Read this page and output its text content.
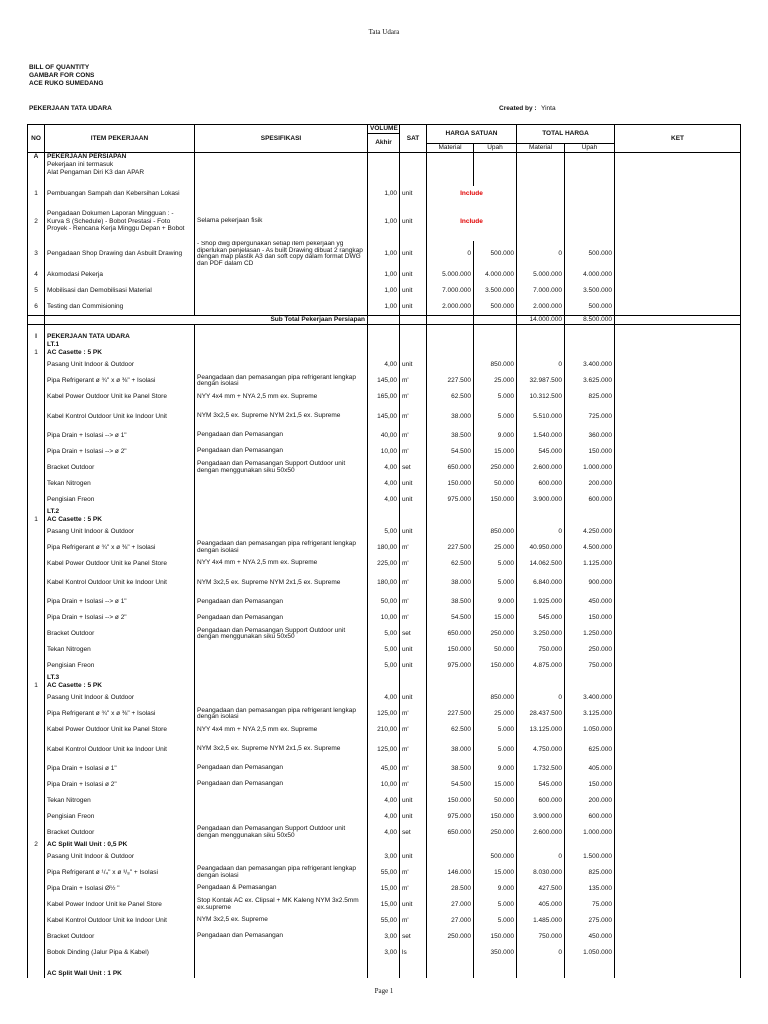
Tata Udara
BILL OF QUANTITY
GAMBAR FOR CONS
ACE RUKO SUMEDANG
PEKERJAAN TATA UDARA	Created by : Yinta
NO	ITEM PEKERJAAN	SPESIFIKASI	VOLUME	SAT	HARGA SATUAN		TOTAL HARGA		KET
			Akhir						
					Material	Upah	Material	Upah	
A	PEKERJAAN PERSIAPAN								
	Pekerjaan ini termasuk								
	Alat Pengaman Diri K3 dan APAR								

1	Pembuangan Sampah dan Kebersihan Lokasi		1,00	unit	Include				
2	Pengadaan Dokumen Laporan Mingguan : - Kurva S (Schedule) - Bobot Prestasi - Foto Proyek - Rencana Kerja Minggu Depan + Bobot	Selama pekerjaan fisik	1,00	unit	Include				
3	Pengadaan Shop Drawing dan Asbuilt Drawing	- Shop dwg dipergunakan setiap item pekerjaan yg diperlukan penjelasan - As built Drawing dibuat 2 rangkap dengan map plastik A3 dan soft copy dalam format DWG dan PDF dalam CD	1,00	unit	0	500.000	0	500.000	
4	Akomodasi Pekerja		1,00	unit	5.000.000	4.000.000	5.000.000	4.000.000	
5	Mobilisasi dan Demobilisasi Material		1,00	unit	7.000.000	3.500.000	7.000.000	3.500.000	
6	Testing dan Commisioning		1,00	unit	2.000.000	500.000	2.000.000	500.000	
	Sub Total Pekerjaan Persiapan						14.000.000	8.500.000	

I	PEKERJAAN TATA UDARA								
	LT.1								
1	AC Casette : 5 PK								
	Pasang Unit Indoor & Outdoor		4,00	unit		850.000	0	3.400.000	
	Pipa Refrigerant ø ¾" x ø ⅜" + Isolasi	Peangadaan dan pemasangan pipa refrigerant lengkap dengan isolasi	145,00	m'	227.500	25.000	32.987.500	3.625.000	
	Kabel Power Outdoor Unit ke Panel Store	NYY 4x4 mm + NYA 2,5 mm ex. Supreme	165,00	m'	62.500	5.000	10.312.500	825.000	
	Kabel Kontrol Outdoor Unit ke Indoor Unit	NYM 3x2,5 ex. Supreme NYM 2x1,5 ex. Supreme	145,00	m'	38.000	5.000	5.510.000	725.000	
	Pipa Drain + Isolasi --> ø 1"	Pengadaan dan Pemasangan	40,00	m'	38.500	9.000	1.540.000	360.000	
	Pipa Drain + Isolasi --> ø 2"	Pengadaan dan Pemasangan	10,00	m'	54.500	15.000	545.000	150.000	
	Bracket Outdoor	Pengadaan dan Pemasangan Support Outdoor unit dengan menggunakan siku 50x50	4,00	set	650.000	250.000	2.600.000	1.000.000	
	Tekan Nitrogen		4,00	unit	150.000	50.000	600.000	200.000	
	Pengisian Freon		4,00	unit	975.000	150.000	3.900.000	600.000	
	LT.2								
1	AC Casette : 5 PK								
	Pasang Unit Indoor & Outdoor		5,00	unit		850.000	0	4.250.000	
	Pipa Refrigerant ø ¾" x ø ⅜" + Isolasi	Peangadaan dan pemasangan pipa refrigerant lengkap dengan isolasi	180,00	m'	227.500	25.000	40.950.000	4.500.000	
	Kabel Power Outdoor Unit ke Panel Store	NYY 4x4 mm + NYA 2,5 mm ex. Supreme	225,00	m'	62.500	5.000	14.062.500	1.125.000	
	Kabel Kontrol Outdoor Unit ke Indoor Unit	NYM 3x2,5 ex. Supreme NYM 2x1,5 ex. Supreme	180,00	m'	38.000	5.000	6.840.000	900.000	
	Pipa Drain + Isolasi --> ø 1"	Pengadaan dan Pemasangan	50,00	m'	38.500	9.000	1.925.000	450.000	
	Pipa Drain + Isolasi --> ø 2"	Pengadaan dan Pemasangan	10,00	m'	54.500	15.000	545.000	150.000	
	Bracket Outdoor	Pengadaan dan Pemasangan Support Outdoor unit dengan menggunakan siku 50x50	5,00	set	650.000	250.000	3.250.000	1.250.000	
	Tekan Nitrogen		5,00	unit	150.000	50.000	750.000	250.000	
	Pengisian Freon		5,00	unit	975.000	150.000	4.875.000	750.000	
	LT.3								
1	AC Casette : 5 PK								
	Pasang Unit Indoor & Outdoor		4,00	unit		850.000	0	3.400.000	
	Pipa Refrigerant ø ¾" x ø ⅜" + Isolasi	Peangadaan dan pemasangan pipa refrigerant lengkap dengan isolasi	125,00	m'	227.500	25.000	28.437.500	3.125.000	
	Kabel Power Outdoor Unit ke Panel Store	NYY 4x4 mm + NYA 2,5 mm ex. Supreme	210,00	m'	62.500	5.000	13.125.000	1.050.000	
	Kabel Kontrol Outdoor Unit ke Indoor Unit	NYM 3x2,5 ex. Supreme NYM 2x1,5 ex. Supreme	125,00	m'	38.000	5.000	4.750.000	625.000	
	Pipa Drain + Isolasi ø 1"	Pengadaan dan Pemasangan	45,00	m'	38.500	9.000	1.732.500	405.000	
	Pipa Drain + Isolasi ø 2"	Pengadaan dan Pemasangan	10,00	m'	54.500	15.000	545.000	150.000	
	Tekan Nitrogen		4,00	unit	150.000	50.000	600.000	200.000	
	Pengisian Freon		4,00	unit	975.000	150.000	3.900.000	600.000	
	Bracket Outdoor	Pengadaan dan Pemasangan Support Outdoor unit dengan menggunakan siku 50x50	4,00	set	650.000	250.000	2.600.000	1.000.000	
2	AC Split Wall Unit : 0,5 PK								
	Pasang Unit Indoor & Outdoor		3,00	unit		500.000	0	1.500.000	
	Pipa Refrigerant ø ¹/₄" x ø ³/₈" + Isolasi	Peangadaan dan pemasangan pipa refrigerant lengkap dengan isolasi	55,00	m'	146.000	15.000	8.030.000	825.000	
	Pipa Drain + Isolasi Ø½ "	Pengadaan & Pemasangan	15,00	m'	28.500	9.000	427.500	135.000	
	Kabel Power Indoor Unit ke Panel Store	Stop Kontak AC ex. Clipsal + MK Kaleng NYM 3x2.5mm ex.supreme	15,00	unit	27.000	5.000	405.000	75.000	
	Kabel Kontrol Outdoor Unit ke Indoor Unit	NYM 3x2,5 ex. Supreme	55,00	m'	27.000	5.000	1.485.000	275.000	
	Bracket Outdoor	Pengadaan dan Pemasangan	3,00	set	250.000	150.000	750.000	450.000	
	Bobok Dinding (Jalur Pipa & Kabel)		3,00	ls		350.000	0	1.050.000	

	AC Split Wall Unit : 1 PK								
Page 1
